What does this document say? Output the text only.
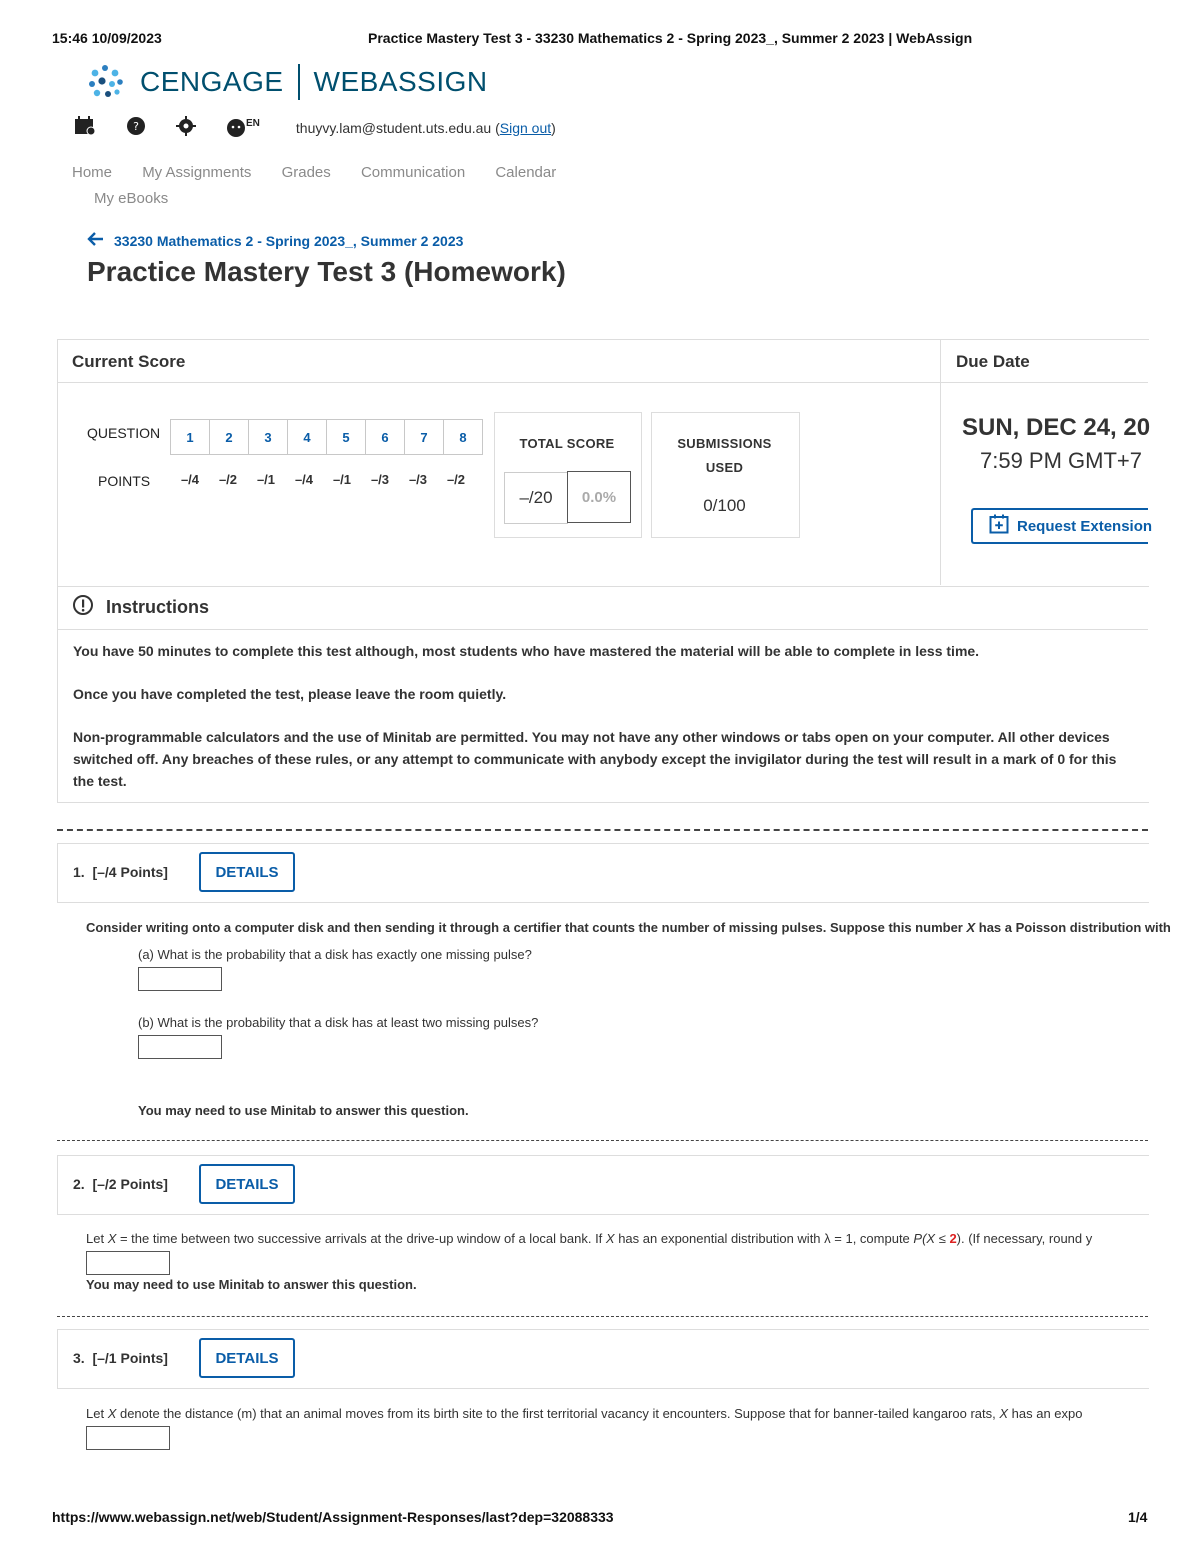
15:46 10/09/2023	Practice Mastery Test 3 - 33230 Mathematics 2 - Spring 2023_, Summer 2 2023 | WebAssign
CENGAGE WEBASSIGN
?	EN	thuyvy.lam@student.uts.edu.au (Sign out)
Home My Assignments Grades Communication Calendar
My eBooks
33230 Mathematics 2 - Spring 2023_, Summer 2 2023
Practice Mastery Test 3 (Homework)
Current Score	Due Date
QUESTION	1	2	3	4	5	6	7	8
POINTS	–/4	–/2	–/1	–/4	–/1	–/3	–/3	–/2
TOTAL SCORE
–/20	0.0%
SUBMISSIONS
USED
0/100
SUN, DEC 24, 20
7:59 PM GMT+7
Request Extension
Instructions

You have 50 minutes to complete this test although, most students who have mastered the material will be able to complete in less time.

Once you have completed the test, please leave the room quietly.

Non-programmable calculators and the use of Minitab are permitted. You may not have any other windows or tabs open on your computer. All other devices

switched off. Any breaches of these rules, or any attempt to communicate with anybody except the invigilator during the test will result in a mark of 0 for this

the test.

1. [–/4 Points]	DETAILS
Consider writing onto a computer disk and then sending it through a certifier that counts the number of missing pulses. Suppose this number X has a Poisson distribution with
(a) What is the probability that a disk has exactly one missing pulse?
(b) What is the probability that a disk has at least two missing pulses?
You may need to use Minitab to answer this question.
2. [–/2 Points]	DETAILS
Let X = the time between two successive arrivals at the drive-up window of a local bank. If X has an exponential distribution with λ = 1, compute P(X ≤ 2). (If necessary, round y
You may need to use Minitab to answer this question.
3. [–/1 Points]	DETAILS
Let X denote the distance (m) that an animal moves from its birth site to the first territorial vacancy it encounters. Suppose that for banner-tailed kangaroo rats, X has an expo
https://www.webassign.net/web/Student/Assignment-Responses/last?dep=32088333	1/4
